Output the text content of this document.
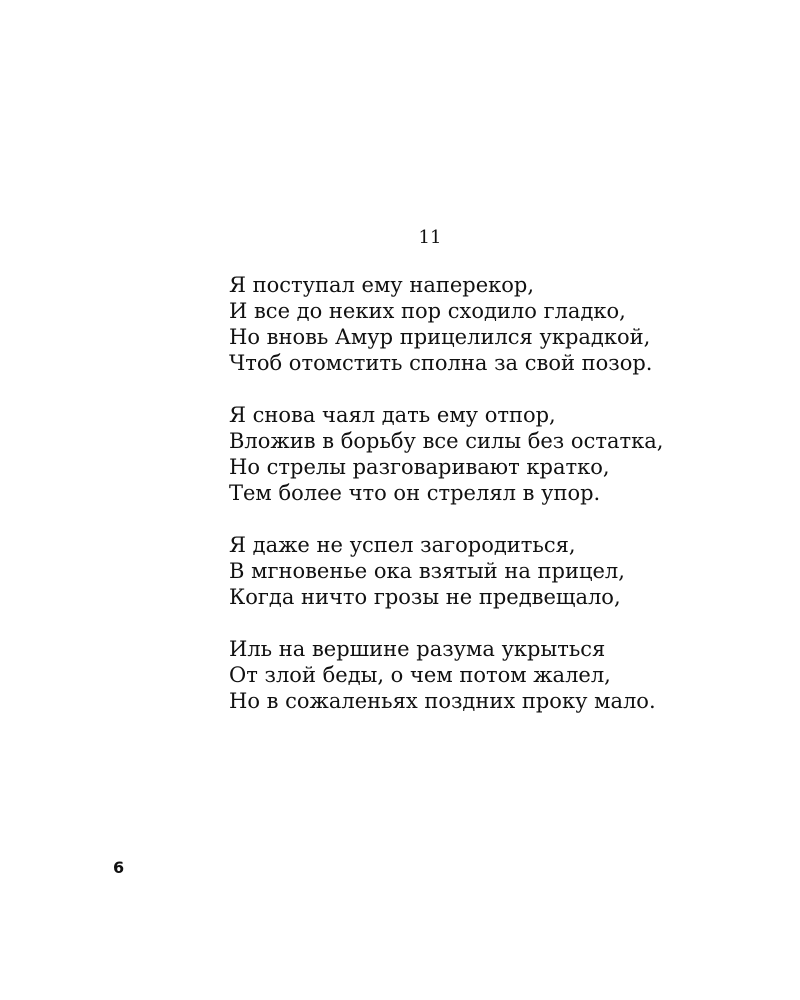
11
Я поступал ему наперекор,
И все до неких пор сходило гладко,
Но вновь Амур прицелился украдкой,
Чтоб отомстить сполна за свой позор.
Я снова чаял дать ему отпор,
Вложив в борьбу все силы без остатка,
Но стрелы разговаривают кратко,
Тем более что он стрелял в упор.
Я даже не успел загородиться,
В мгновенье ока взятый на прицел,
Когда ничто грозы не предвещало,
Иль на вершине разума укрыться
От злой беды, о чем потом жалел,
Но в сожаленьях поздних проку мало.
6
